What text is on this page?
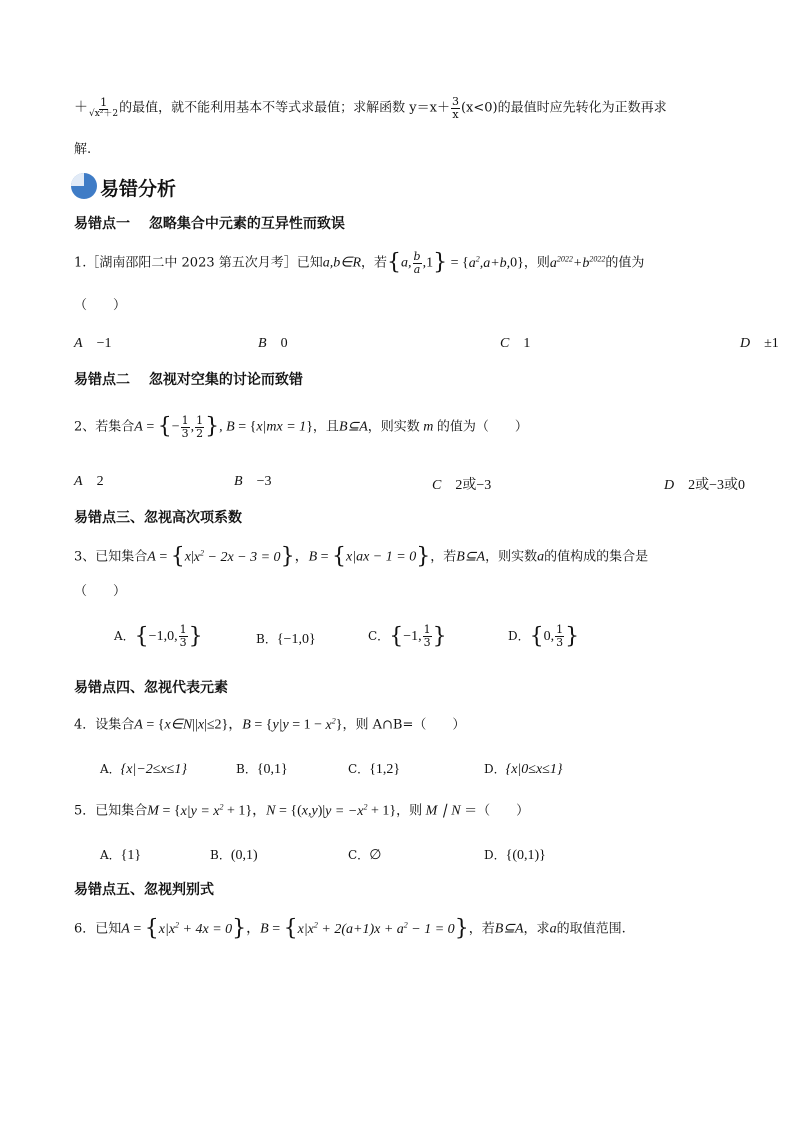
＋ $\frac{1}{\text{√x²＋2}}$ 的最值，就不能利用基本不等式求最值；求解函数 $y=x+ \frac{3}{x} (x<0)$的最值时应先转化为正数再求
解.
易错分析
易错点一　 忽略集合中元素的互异性而致误
1.［湖南邵阳二中 2023 第五次月考］已知a,b∈R，若{a, $\frac{b}{a} ,1\} = \{a^2,a+b,0\}$，则$a^{2022}+b^{2022}$的值为
（　　）
A −1	B 0	C 1	D ±1
易错点二　 忽视对空集的讨论而致错
2、若集合A = {− $\frac{1}{3}$ , $\frac{1}{2}$ }, B = {x|mx = 1}，且B⊆A，则实数 m 的值为（　　）
A 2	B −3	C 2或−3	D 2或−3或0
易错点三、忽视高次项系数
3、已知集合$A = \{x|x^2 - 2x - 3 = 0\}$，B = {x|ax − 1 = 0}，若B⊆A，则实数a的值构成的集合是
（　　）
A．{−1,0, $\frac{1}{3}$ }	B．{−1,0}	C．{−1, $\frac{1}{3}$ }	D．{0, $\frac{1}{3}$ }
易错点四、忽视代表元素
4．设集合A = {x∈N||x|≤2}，$B = \{y|y = 1 - x^2\}$，则 A∩B=（　　）
A．{x|−2≤x≤1}	B．{0,1}	C．{1,2}	D．{x|0≤x≤1}
5．已知集合$M = \{x|y = x^2 + 1\}$，$N = \{(x,y)|y = -x^2 + 1\}$，则 M ∣ N ＝（　　）
A．{1}	B．(0,1)	C．∅	D．{(0,1)}
易错点五、忽视判别式
6．已知$A = \{x|x^2 + 4x = 0\}$，$B = \{x|x^2 + 2(a+1)x + a^2 - 1 = 0\}$，若B⊆A，求a的取值范围.
